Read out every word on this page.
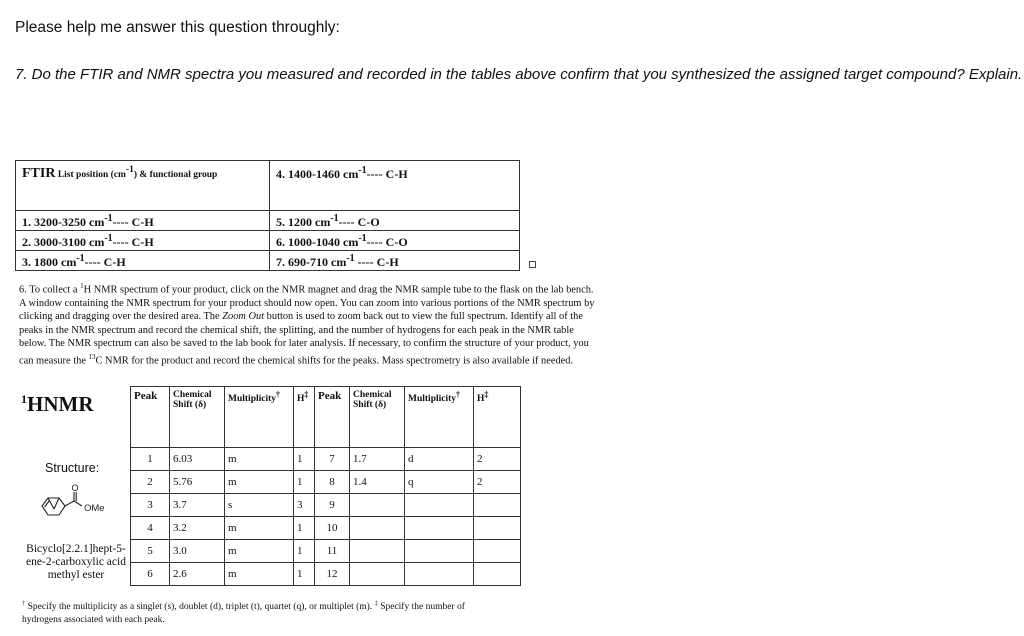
Please help me answer this question throughly:
7. Do the FTIR and NMR spectra you measured and recorded in the tables above confirm that you synthesized the assigned target compound? Explain.
FTIR List position $(cm^{-1})$ & functional group	4. 1400-1460 $cm^{-1}----$ C-H
1. 3200-3250 $cm^{-1}----$ C-H	5. 1200 $cm^{-1}----$ C-O
2. 3000-3100 $cm^{-1}----$ C-H	6. 1000-1040 $cm^{-1}----$ C-O
3. 1800 $cm^{-1}----$ C-H	7. 690-710 $cm^{-1}$ ---- C-H
6. To collect a $^1$H NMR spectrum of your product, click on the NMR magnet and drag the NMR sample tube to the flask on the lab bench. A window containing the NMR spectrum for your product should now open. You can zoom into various portions of the NMR spectrum by clicking and dragging over the desired area. The Zoom Out button is used to zoom back out to view the full spectrum. Identify all of the peaks in the NMR spectrum and record the chemical shift, the splitting, and the number of hydrogens for each peak in the NMR table below. The NMR spectrum can also be saved to the lab book for later analysis. If necessary, to confirm the structure of your product, you can measure the $^{13}$C NMR for the product and record the chemical shifts for the peaks. Mass spectrometry is also available if needed.
$^1$HNMR
Structure:
O
OMe
Bicyclo[2.2.1]hept-5-ene-2-carboxylic acid methyl ester
Peak	Chemical
Shift (δ)	Multiplicity†	H‡	Peak	Chemical
Shift (δ)	Multiplicity†	H‡
1	6.03	m	1	7	1.7	d	2
2	5.76	m	1	8	1.4	q	2
3	3.7	s	3	9			
4	3.2	m	1	10			
5	3.0	m	1	11			
6	2.6	m	1	12			
† Specify the multiplicity as a singlet (s), doublet (d), triplet (t), quartet (q), or multiplet (m). ‡ Specify the number of hydrogens associated with each peak.
